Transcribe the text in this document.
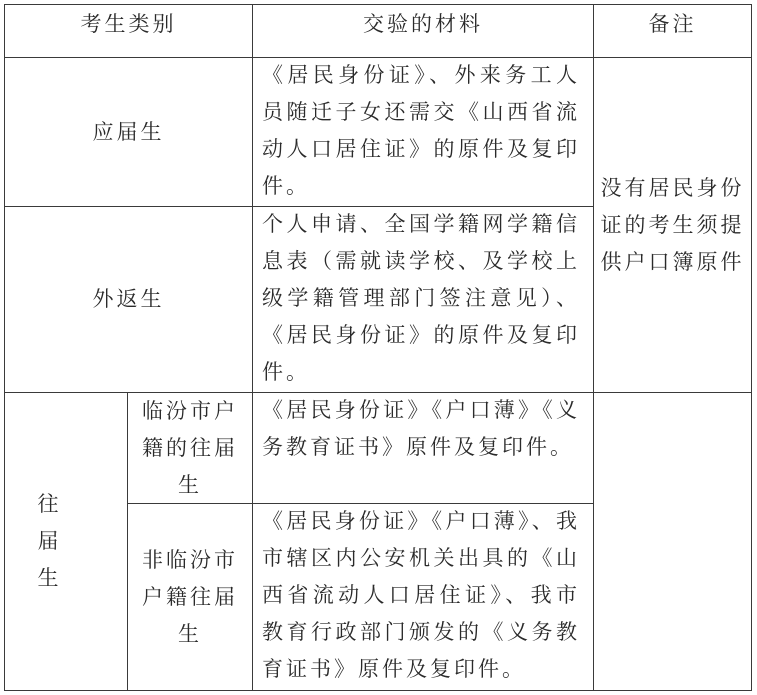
考生类别	交验的材料	备注
应届生
《居民身份证》、外来务工人员随迁子女还需交《山西省流动人口居住证》的原件及复印件。
外返生
个人申请、全国学籍网学籍信息表（需就读学校、及学校上级学籍管理部门签注意见）、《居民身份证》的原件及复印件。
没有居民身份证的考生须提供户口簿原件
往届生
临汾市户籍的往届生
《居民身份证》《户口薄》《义务教育证书》原件及复印件。
非临汾市户籍往届生
《居民身份证》《户口薄》、我市辖区内公安机关出具的《山西省流动人口居住证》、我市教育行政部门颁发的《义务教育证书》原件及复印件。
